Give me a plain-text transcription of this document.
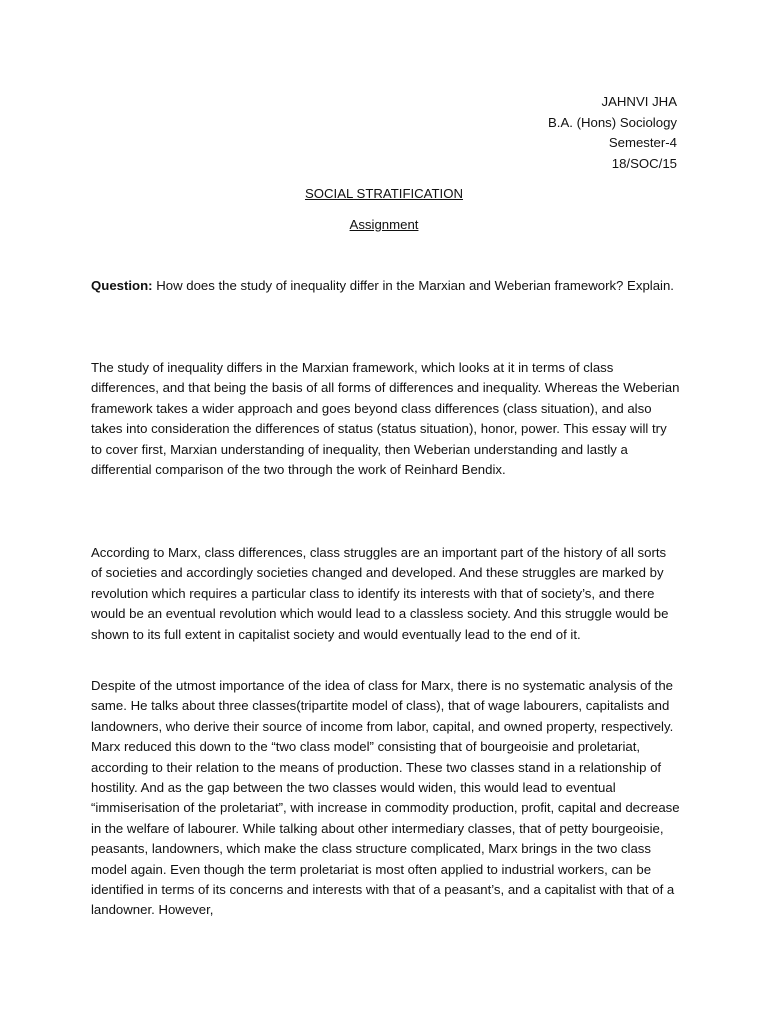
JAHNVI JHA
B.A. (Hons) Sociology
Semester-4
18/SOC/15
SOCIAL STRATIFICATION
Assignment

Question: How does the study of inequality differ in the Marxian and Weberian framework? Explain.

The study of inequality differs in the Marxian framework, which looks at it in terms of class differences, and that being the basis of all forms of differences and inequality. Whereas the Weberian framework takes a wider approach and goes beyond class differences (class situation), and also takes into consideration the differences of status (status situation), honor, power. This essay will try to cover first, Marxian understanding of inequality, then Weberian understanding and lastly a differential comparison of the two through the work of Reinhard Bendix.

According to Marx, class differences, class struggles are an important part of the history of all sorts of societies and accordingly societies changed and developed. And these struggles are marked by revolution which requires a particular class to identify its interests with that of society’s, and there would be an eventual revolution which would lead to a classless society. And this struggle would be shown to its full extent in capitalist society and would eventually lead to the end of it.

Despite of the utmost importance of the idea of class for Marx, there is no systematic analysis of the same. He talks about three classes(tripartite model of class), that of wage labourers, capitalists and landowners, who derive their source of income from labor, capital, and owned property, respectively. Marx reduced this down to the “two class model” consisting that of bourgeoisie and proletariat, according to their relation to the means of production. These two classes stand in a relationship of hostility. And as the gap between the two classes would widen, this would lead to eventual “immiserisation of the proletariat”, with increase in commodity production, profit, capital and decrease in the welfare of labourer. While talking about other intermediary classes, that of petty bourgeoisie, peasants, landowners, which make the class structure complicated, Marx brings in the two class model again. Even though the term proletariat is most often applied to industrial workers, can be identified in terms of its concerns and interests with that of a peasant’s, and a capitalist with that of a landowner. However,
